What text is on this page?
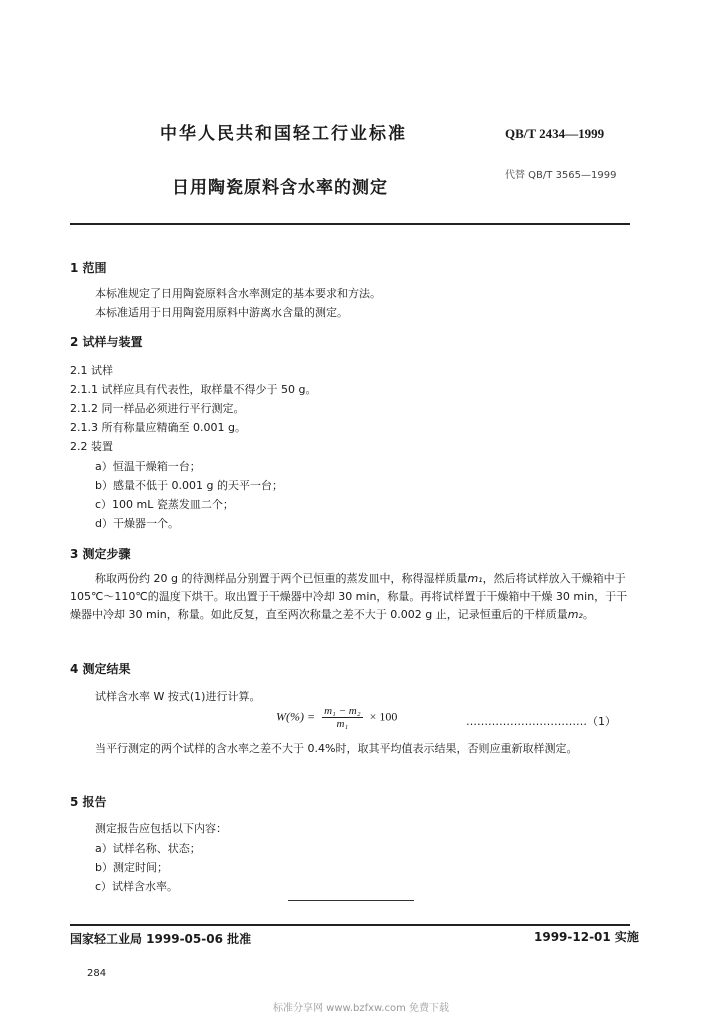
中华人民共和国轻工行业标准	QB/T 2434—1999
日用陶瓷原料含水率的测定
代替 QB/T 3565—1999
1 范围
本标准规定了日用陶瓷原料含水率测定的基本要求和方法。
本标准适用于日用陶瓷用原料中游离水含量的测定。
2 试样与装置
2.1 试样
2.1.1 试样应具有代表性，取样量不得少于 50 g。
2.1.2 同一样品必须进行平行测定。
2.1.3 所有称量应精确至 0.001 g。
2.2 装置
a）恒温干燥箱一台；
b）感量不低于 0.001 g 的天平一台；
c）100 mL 瓷蒸发皿二个；
d）干燥器一个。
3 测定步骤
称取两份约 20 g 的待测样品分别置于两个已恒重的蒸发皿中，称得湿样质量m₁，然后将试样放入干燥箱中于 105℃～110℃的温度下烘干。取出置于干燥器中冷却 30 min，称量。再将试样置于干燥箱中干燥 30 min，于干燥器中冷却 30 min，称量。如此反复，直至两次称量之差不大于 0.002 g 止，记录恒重后的干样质量m₂。
4 测定结果
试样含水率 W 按式(1)进行计算。
$W(\%) = \frac{\text{m₁ − m₂}}{\text{m₁}} \times 100$	……………………………（1）
当平行测定的两个试样的含水率之差不大于 0.4%时，取其平均值表示结果，否则应重新取样测定。
5 报告
测定报告应包括以下内容：
a）试样名称、状态；
b）测定时间；
c）试样含水率。
国家轻工业局 1999-05-06 批准	1999-12-01 实施
284
标准分享网 www.bzfxw.com 免费下载
